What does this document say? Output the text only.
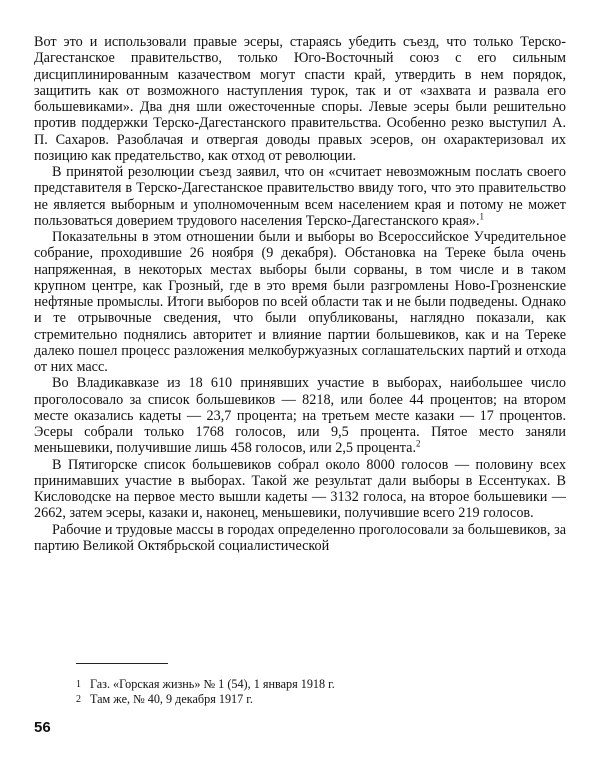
Вот это и использовали правые эсеры, стараясь убедить съезд, что только Терско-Дагестанское правительство, только Юго-Восточный союз с его сильным дисциплинированным казачеством могут спасти край, утвердить в нем порядок, защитить как от возможного наступления турок, так и от «захвата и развала его большевиками». Два дня шли ожесточенные споры. Левые эсеры были решительно против поддержки Терско-Дагестанского правительства. Особенно резко выступил А. П. Сахаров. Разоблачая и отвергая доводы правых эсеров, он охарактеризовал их позицию как предательство, как отход от революции.

В принятой резолюции съезд заявил, что он «считает невозможным послать своего представителя в Терско-Дагестанское правительство ввиду того, что это правительство не является выборным и уполномоченным всем населением края и потому не может пользоваться доверием трудового населения Терско-Дагестанского края».$^1$

Показательны в этом отношении были и выборы во Всероссийское Учредительное собрание, проходившие 26 ноября (9 декабря). Обстановка на Тереке была очень напряженная, в некоторых местах выборы были сорваны, в том числе и в таком крупном центре, как Грозный, где в это время были разгромлены Ново-Грозненские нефтяные промыслы. Итоги выборов по всей области так и не были подведены. Однако и те отрывочные сведения, что были опубликованы, наглядно показали, как стремительно поднялись авторитет и влияние партии большевиков, как и на Тереке далеко пошел процесс разложения мелкобуржуазных соглашательских партий и отхода от них масс.

Во Владикавказе из 18 610 принявших участие в выборах, наибольшее число проголосовало за список большевиков — 8218, или более 44 процентов; на втором месте оказались кадеты — 23,7 процента; на третьем месте казаки — 17 процентов. Эсеры собрали только 1768 голосов, или 9,5 процента. Пятое место заняли меньшевики, получившие лишь 458 голосов, или 2,5 процента.$^2$

В Пятигорске список большевиков собрал около 8000 голосов — половину всех принимавших участие в выборах. Такой же результат дали выборы в Ессентуках. В Кисловодске на первое место вышли кадеты — 3132 голоса, на второе большевики — 2662, затем эсеры, казаки и, наконец, меньшевики, получившие всего 219 голосов.

Рабочие и трудовые массы в городах определенно проголосовали за большевиков, за партию Великой Октябрьской социалистической

1 Газ. «Горская жизнь» № 1 (54), 1 января 1918 г.

2 Там же, № 40, 9 декабря 1917 г.

56
